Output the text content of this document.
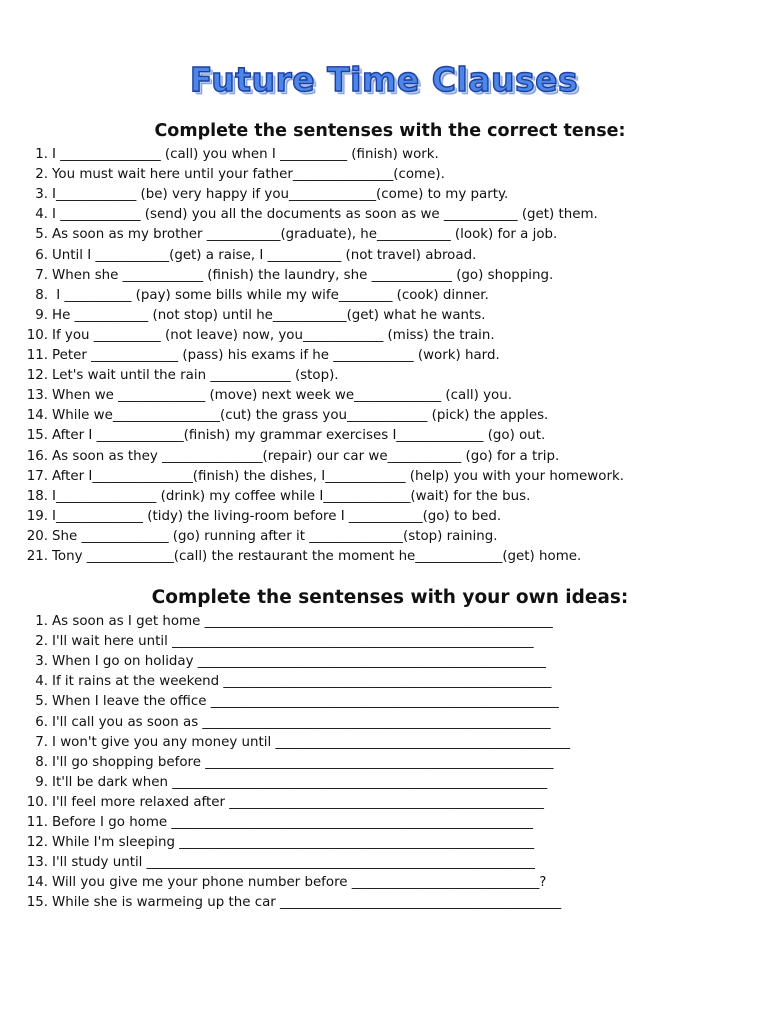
Future Time Clauses
Complete the sentenses with the correct tense:
1. I _______________ (call) you when I __________ (finish) work.
2. You must wait here until your father_______________(come).
3. I____________ (be) very happy if you_____________(come) to my party.
4. I ____________ (send) you all the documents as soon as we ___________ (get) them.
5. As soon as my brother ___________(graduate), he___________ (look) for a job.
6. Until I ___________(get) a raise, I ___________ (not travel) abroad.
7. When she ____________ (finish) the laundry, she ____________ (go) shopping.
8. I __________ (pay) some bills while my wife________ (cook) dinner.
9. He ___________ (not stop) until he___________(get) what he wants.
10. If you __________ (not leave) now, you____________ (miss) the train.
11. Peter _____________ (pass) his exams if he ____________ (work) hard.
12. Let's wait until the rain ____________ (stop).
13. When we _____________ (move) next week we_____________ (call) you.
14. While we________________(cut) the grass you____________ (pick) the apples.
15. After I _____________(finish) my grammar exercises I_____________ (go) out.
16. As soon as they _______________(repair) our car we___________ (go) for a trip.
17. After I_______________(finish) the dishes, I____________ (help) you with your homework.
18. I_______________ (drink) my coffee while I_____________(wait) for the bus.
19. I_____________ (tidy) the living-room before I ___________(go) to bed.
20. She _____________ (go) running after it ______________(stop) raining.
21. Tony _____________(call) the restaurant the moment he_____________(get) home.
Complete the sentenses with your own ideas:
1. As soon as I get home ____________________________________________________
2. I'll wait here until ______________________________________________________
3. When I go on holiday ____________________________________________________
4. If it rains at the weekend _________________________________________________
5. When I leave the office ____________________________________________________
6. I'll call you as soon as ____________________________________________________
7. I won't give you any money until ____________________________________________
8. I'll go shopping before ____________________________________________________
9. It'll be dark when ________________________________________________________
10. I'll feel more relaxed after _______________________________________________
11. Before I go home ______________________________________________________
12. While I'm sleeping _____________________________________________________
13. I'll study until __________________________________________________________
14. Will you give me your phone number before ____________________________?
15. While she is warmeing up the car __________________________________________
